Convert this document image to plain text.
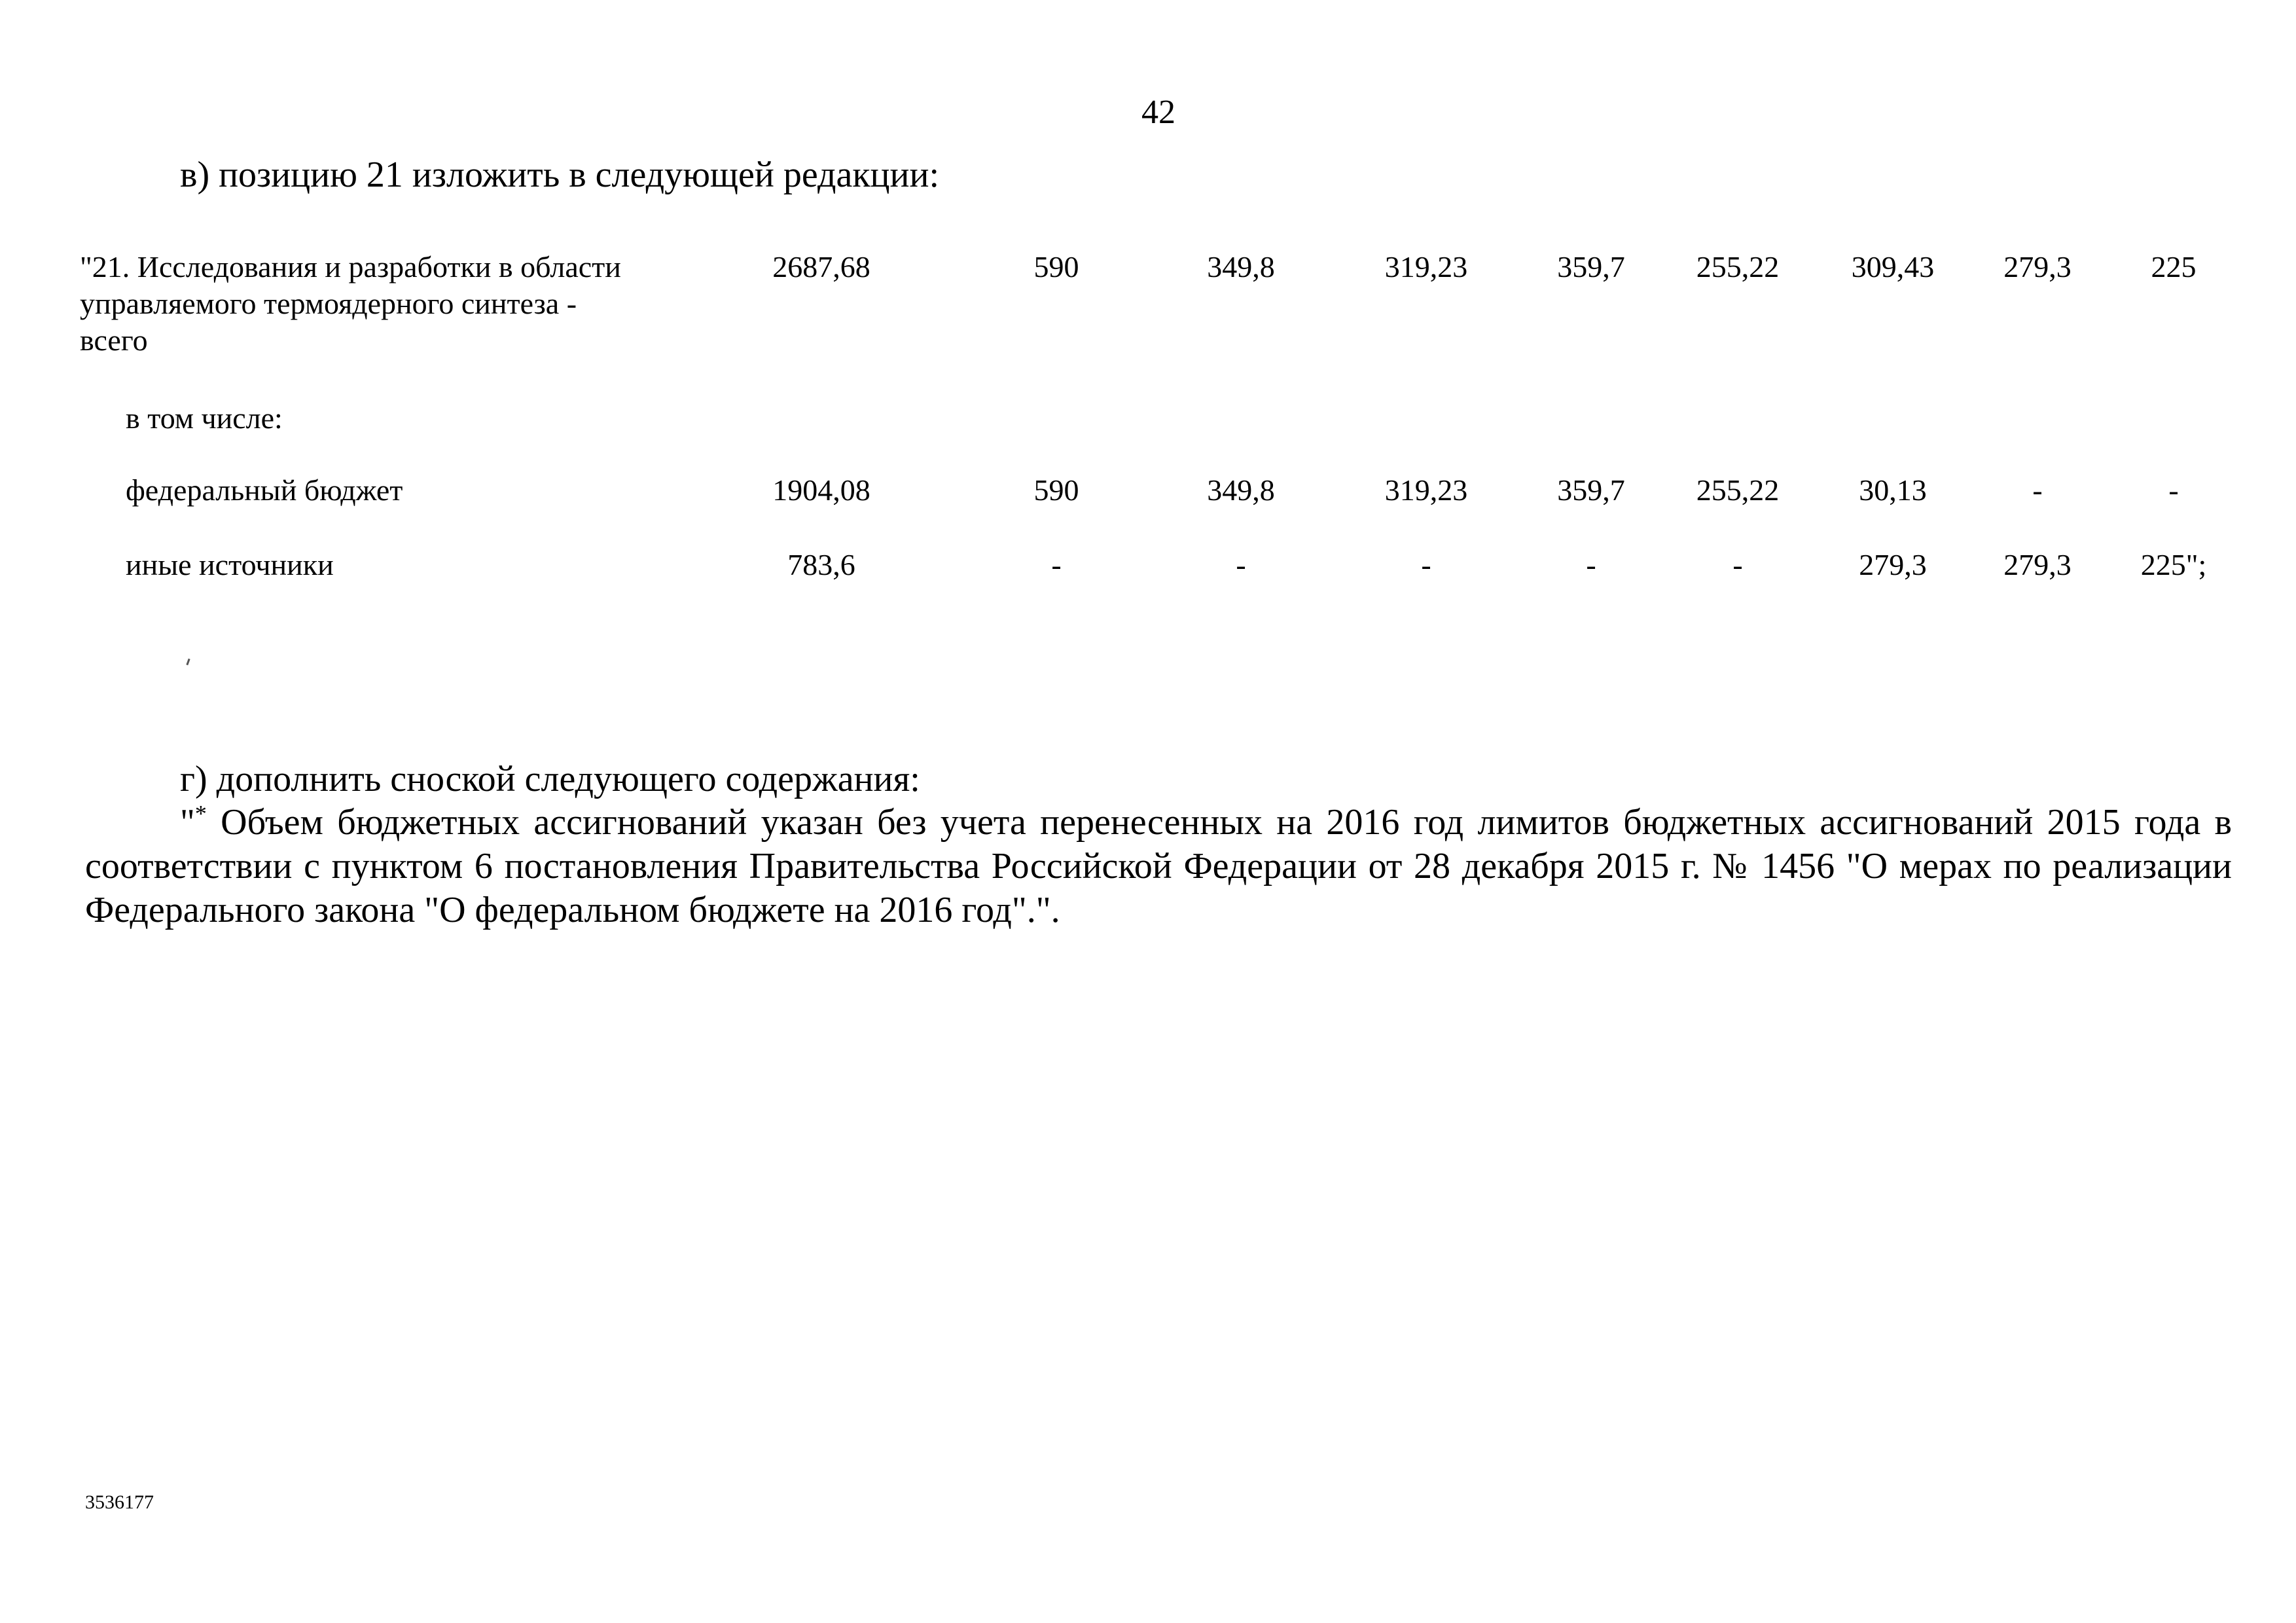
42
в) позицию 21 изложить в следующей редакции:
"21. Исследования и разработки в области
управляемого термоядерного синтеза -
всего
2687,68	590	349,8	319,23	359,7	255,22	309,43	279,3	225
в том числе:
федеральный бюджет	1904,08	590	349,8	319,23	359,7	255,22	30,13	-	-
иные источники	783,6	-	-	-	-	-	279,3	279,3	225";
г) дополнить сноской следующего содержания:

"* Объем бюджетных ассигнований указан без учета перенесенных на 2016 год лимитов бюджетных ассигнований 2015 года в соответствии с пунктом 6 постановления Правительства Российской Федерации от 28 декабря 2015 г. № 1456 "О мерах по реализации Федерального закона "О федеральном бюджете на 2016 год".".

3536177
